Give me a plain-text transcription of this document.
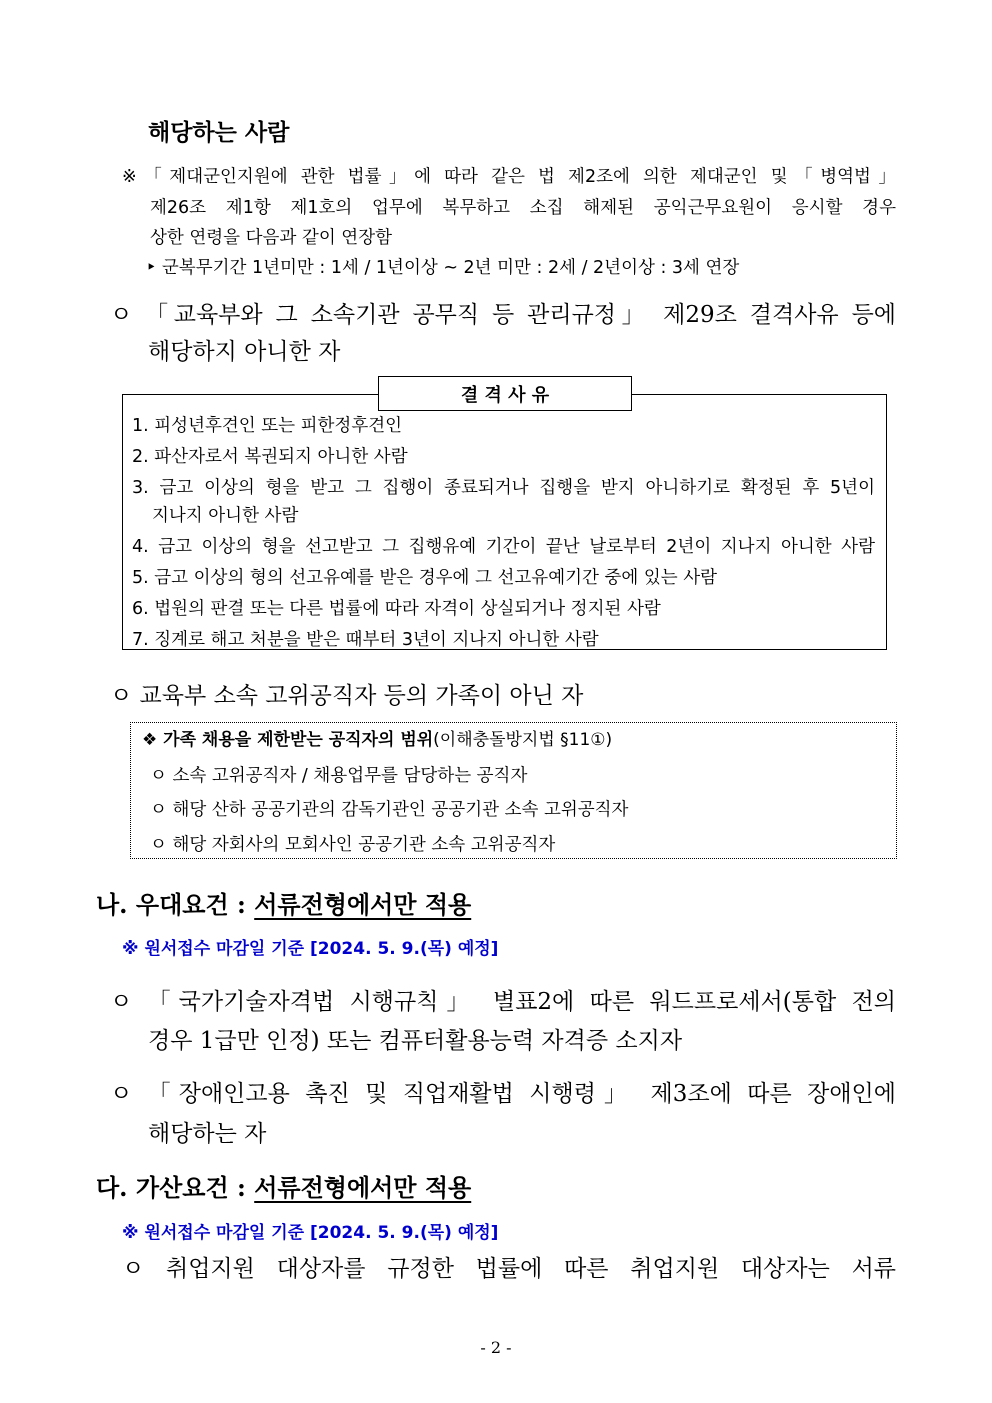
해당하는 사람
※「제대군인지원에 관한 법률」에 따라 같은 법 제2조에 의한 제대군인 및「병역법」
제26조 제1항 제1호의 업무에 복무하고 소집 해제된 공익근무요원이 응시할 경우
상한 연령을 다음과 같이 연장함
‣ 군복무기간 1년미만 : 1세 / 1년이상 ~ 2년 미만 : 2세 / 2년이상 : 3세 연장
ㅇ 「교육부와 그 소속기관 공무직 등 관리규정」 제29조 결격사유 등에
해당하지 아니한 자
결 격 사 유
1. 피성년후견인 또는 피한정후견인
2. 파산자로서 복권되지 아니한 사람
3. 금고 이상의 형을 받고 그 집행이 종료되거나 집행을 받지 아니하기로 확정된 후 5년이
지나지 아니한 사람
4. 금고 이상의 형을 선고받고 그 집행유예 기간이 끝난 날로부터 2년이 지나지 아니한 사람
5. 금고 이상의 형의 선고유예를 받은 경우에 그 선고유예기간 중에 있는 사람
6. 법원의 판결 또는 다른 법률에 따라 자격이 상실되거나 정지된 사람
7. 징계로 해고 처분을 받은 때부터 3년이 지나지 아니한 사람
ㅇ 교육부 소속 고위공직자 등의 가족이 아닌 자
❖ 가족 채용을 제한받는 공직자의 범위(이해충돌방지법 §11①)
ㅇ 소속 고위공직자 / 채용업무를 담당하는 공직자
ㅇ 해당 산하 공공기관의 감독기관인 공공기관 소속 고위공직자
ㅇ 해당 자회사의 모회사인 공공기관 소속 고위공직자
나. 우대요건 : 서류전형에서만 적용
※ 원서접수 마감일 기준 [2024. 5. 9.(목) 예정]
ㅇ 「국가기술자격법 시행규칙」 별표2에 따른 워드프로세서(통합 전의
경우 1급만 인정) 또는 컴퓨터활용능력 자격증 소지자
ㅇ 「장애인고용 촉진 및 직업재활법 시행령」 제3조에 따른 장애인에
해당하는 자
다. 가산요건 : 서류전형에서만 적용
※ 원서접수 마감일 기준 [2024. 5. 9.(목) 예정]
ㅇ 취업지원 대상자를 규정한 법률에 따른 취업지원 대상자는 서류
- 2 -
